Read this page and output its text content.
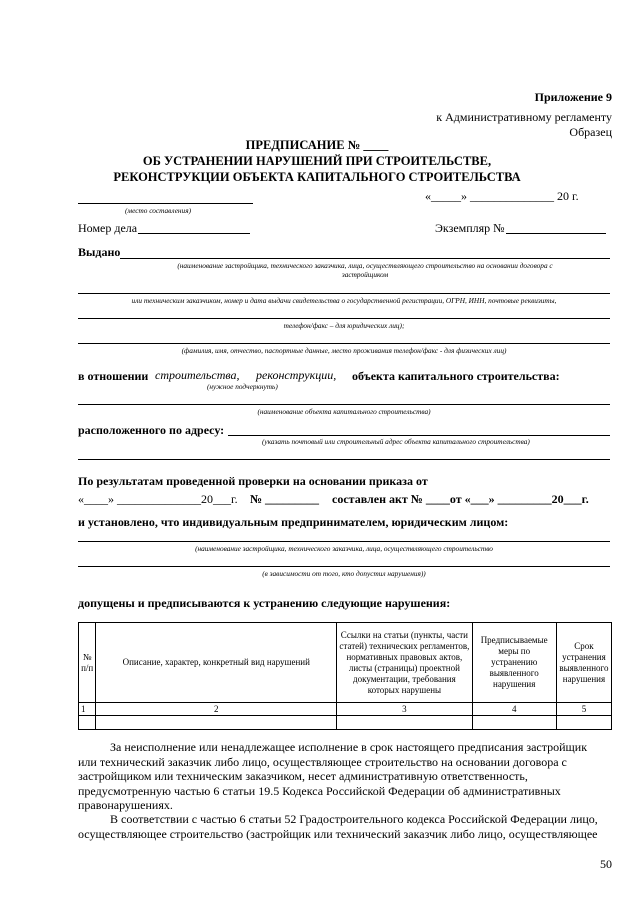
Приложение 9
к Административному регламенту
Образец
ПРЕДПИСАНИЕ № ____
ОБ УСТРАНЕНИИ НАРУШЕНИЙ ПРИ СТРОИТЕЛЬСТВЕ,
РЕКОНСТРУКЦИИ ОБЪЕКТА КАПИТАЛЬНОГО СТРОИТЕЛЬСТВА
«_____» ______________ 20 г.
(место составления)
Номер дела	Экземпляр №
Выдано
(наименование застройщика, технического заказчика, лица, осуществляющего строительство на основании договора с
застройщиком
или техническим заказчиком, номер и дата выдачи свидетельства о государственной регистрации, ОГРН, ИНН, почтовые реквизиты,
телефон/факс – для юридических лиц);
(фамилия, имя, отчество, паспортные данные, место проживания телефон/факс - для физических лиц)
в отношении строительства, реконструкции, объекта капитального строительства:
(нужное подчеркнуть)
(наименование объекта капитального строительства)
расположенного по адресу:
(указать почтовый или строительный адрес объекта капитального строительства)
По результатам проведенной проверки на основании приказа от
«____» ______________20___г. № _________ составлен акт № ____от «___» _________20___г.
и установлено, что индивидуальным предпринимателем, юридическим лицом:
(наименование застройщика, технического заказчика, лица, осуществляющего строительство
(в зависимости от того, кто допустил нарушения))
допущены и предписываются к устранению следующие нарушения:
№ п/п	Описание, характер, конкретный вид нарушений	Ссылки на статьи (пункты, части статей) технических регламентов, нормативных правовых актов, листы (страницы) проектной документации, требования которых нарушены	Предписываемые меры по устранению выявленного нарушения	Срок устранения выявленного нарушения
1	2	3	4	5

За неисполнение или ненадлежащее исполнение в срок настоящего предписания застройщик
или технический заказчик либо лицо, осуществляющее строительство на основании договора с
застройщиком или техническим заказчиком, несет административную ответственность,
предусмотренную частью 6 статьи 19.5 Кодекса Российской Федерации об административных
правонарушениях.
В соответствии с частью 6 статьи 52 Градостроительного кодекса Российской Федерации лицо,
осуществляющее строительство (застройщик или технический заказчик либо лицо, осуществляющее
50
